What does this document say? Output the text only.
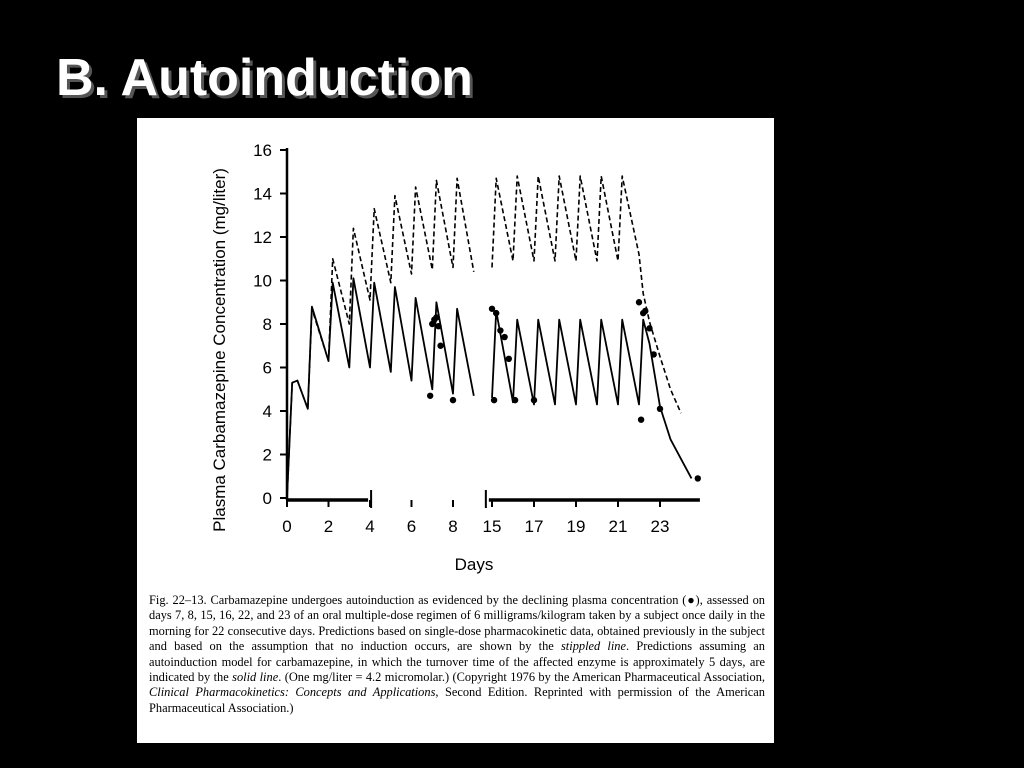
B. Autoinduction
0
2
4
6
8
10
12
14
16
0 2 4 6 8 15 17 19 21 23
Plasma Carbamazepine Concentration (mg/liter)
Days

Fig. 22–13. Carbamazepine undergoes autoinduction as evidenced by the declining plasma concentration (●), assessed on days 7, 8, 15, 16, 22, and 23 of an oral multiple-dose regimen of 6 milligrams/kilogram taken by a subject once daily in the morning for 22 consecutive days. Predictions based on single-dose pharmacokinetic data, obtained previously in the subject and based on the assumption that no induction occurs, are shown by the stippled line. Predictions assuming an autoinduction model for carbamazepine, in which the turnover time of the affected enzyme is approximately 5 days, are indicated by the solid line. (One mg/liter = 4.2 micromolar.) (Copyright 1976 by the American Pharmaceutical Association, Clinical Pharmacokinetics: Concepts and Applications, Second Edition. Reprinted with permission of the American Pharmaceutical Association.)
